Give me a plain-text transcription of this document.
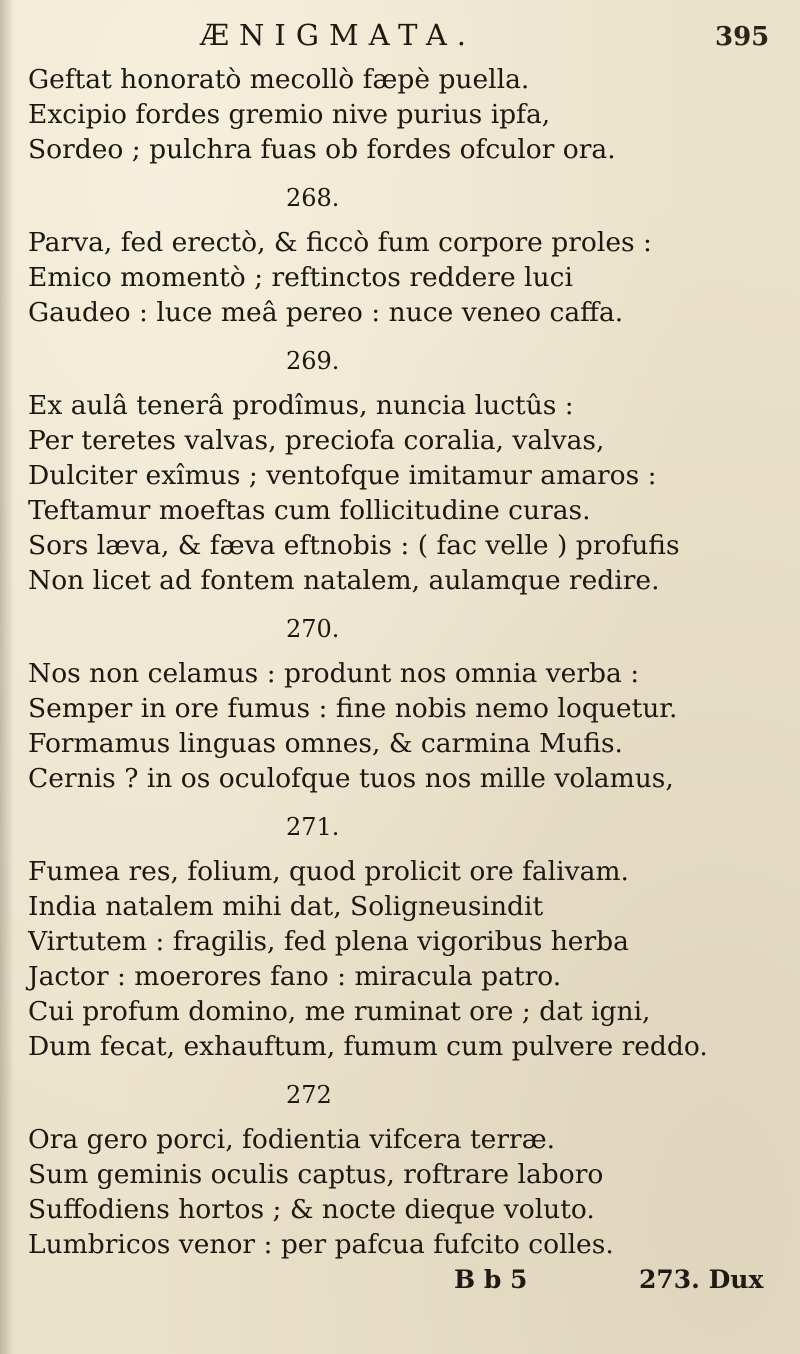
ÆNIGMATA.	395
Geftat honoratò mecollò fæpè puella.
Excipio fordes gremio nive purius ipfa,
Sordeo ; pulchra fuas ob fordes ofculor ora.
268.
Parva, fed erectò, & ficcò fum corpore proles :
Emico momentò ; reftinctos reddere luci
Gaudeo : luce meâ pereo : nuce veneo caffa.
269.
Ex aulâ tenerâ prodîmus, nuncia luctûs :
Per teretes valvas, preciofa coralia, valvas,
Dulciter exîmus ; ventofque imitamur amaros :
Teftamur moeftas cum follicitudine curas.
Sors læva, & fæva eftnobis : ( fac velle ) profufis
Non licet ad fontem natalem, aulamque redire.
270.
Nos non celamus : produnt nos omnia verba :
Semper in ore fumus : fine nobis nemo loquetur.
Formamus linguas omnes, & carmina Mufis.
Cernis ? in os oculofque tuos nos mille volamus,
271.
Fumea res, folium, quod prolicit ore falivam.
India natalem mihi dat, Soligneusindit
Virtutem : fragilis, fed plena vigoribus herba
Jactor : moerores fano : miracula patro.
Cui profum domino, me ruminat ore ; dat igni,
Dum fecat, exhauftum, fumum cum pulvere reddo.
272
Ora gero porci, fodientia vifcera terræ.
Sum geminis oculis captus, roftrare laboro
Suffodiens hortos ; & nocte dieque voluto.
Lumbricos venor : per pafcua fufcito colles.
B b 5	273. Dux
